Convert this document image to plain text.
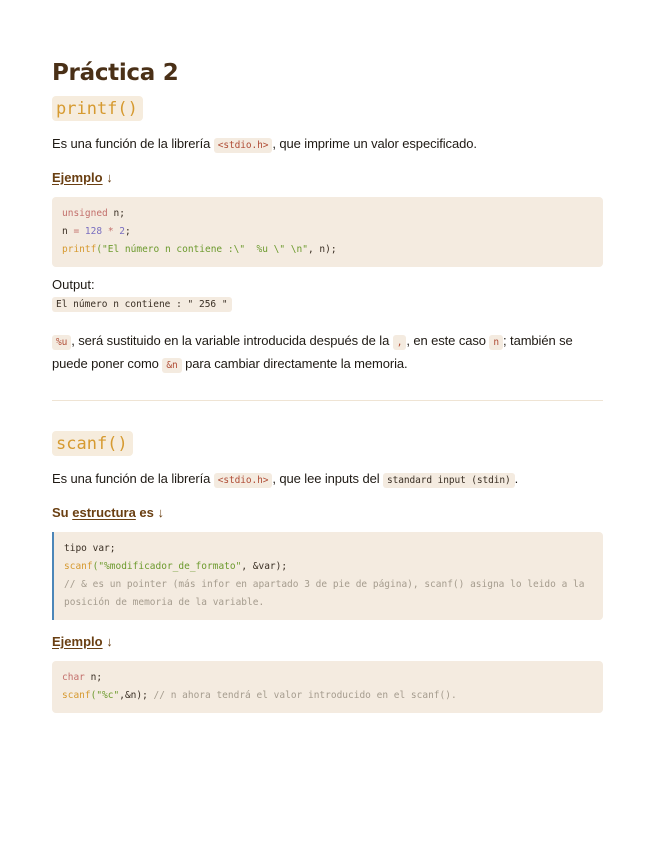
Práctica 2
printf()

Es una función de la librería <stdio.h> , que imprime un valor especificado.

Ejemplo ↓
unsigned n;
n = 128 * 2;
printf("El número n contiene :\"  %u \" \n", n);
Output:
El número n contiene : " 256 "

%u , será sustituido en la variable introducida después de la , , en este caso n ; también se puede poner como &n para cambiar directamente la memoria.

scanf()

Es una función de la librería <stdio.h> , que lee inputs del standard input (stdin) .

Su estructura es ↓
tipo var;
scanf("%modificador_de_formato", &var);
// & es un pointer (más infor en apartado 3 de pie de página), scanf() asigna lo leido a la posición de memoria de la variable.
Ejemplo ↓
char n;
scanf("%c",&n); // n ahora tendrá el valor introducido en el scanf().
